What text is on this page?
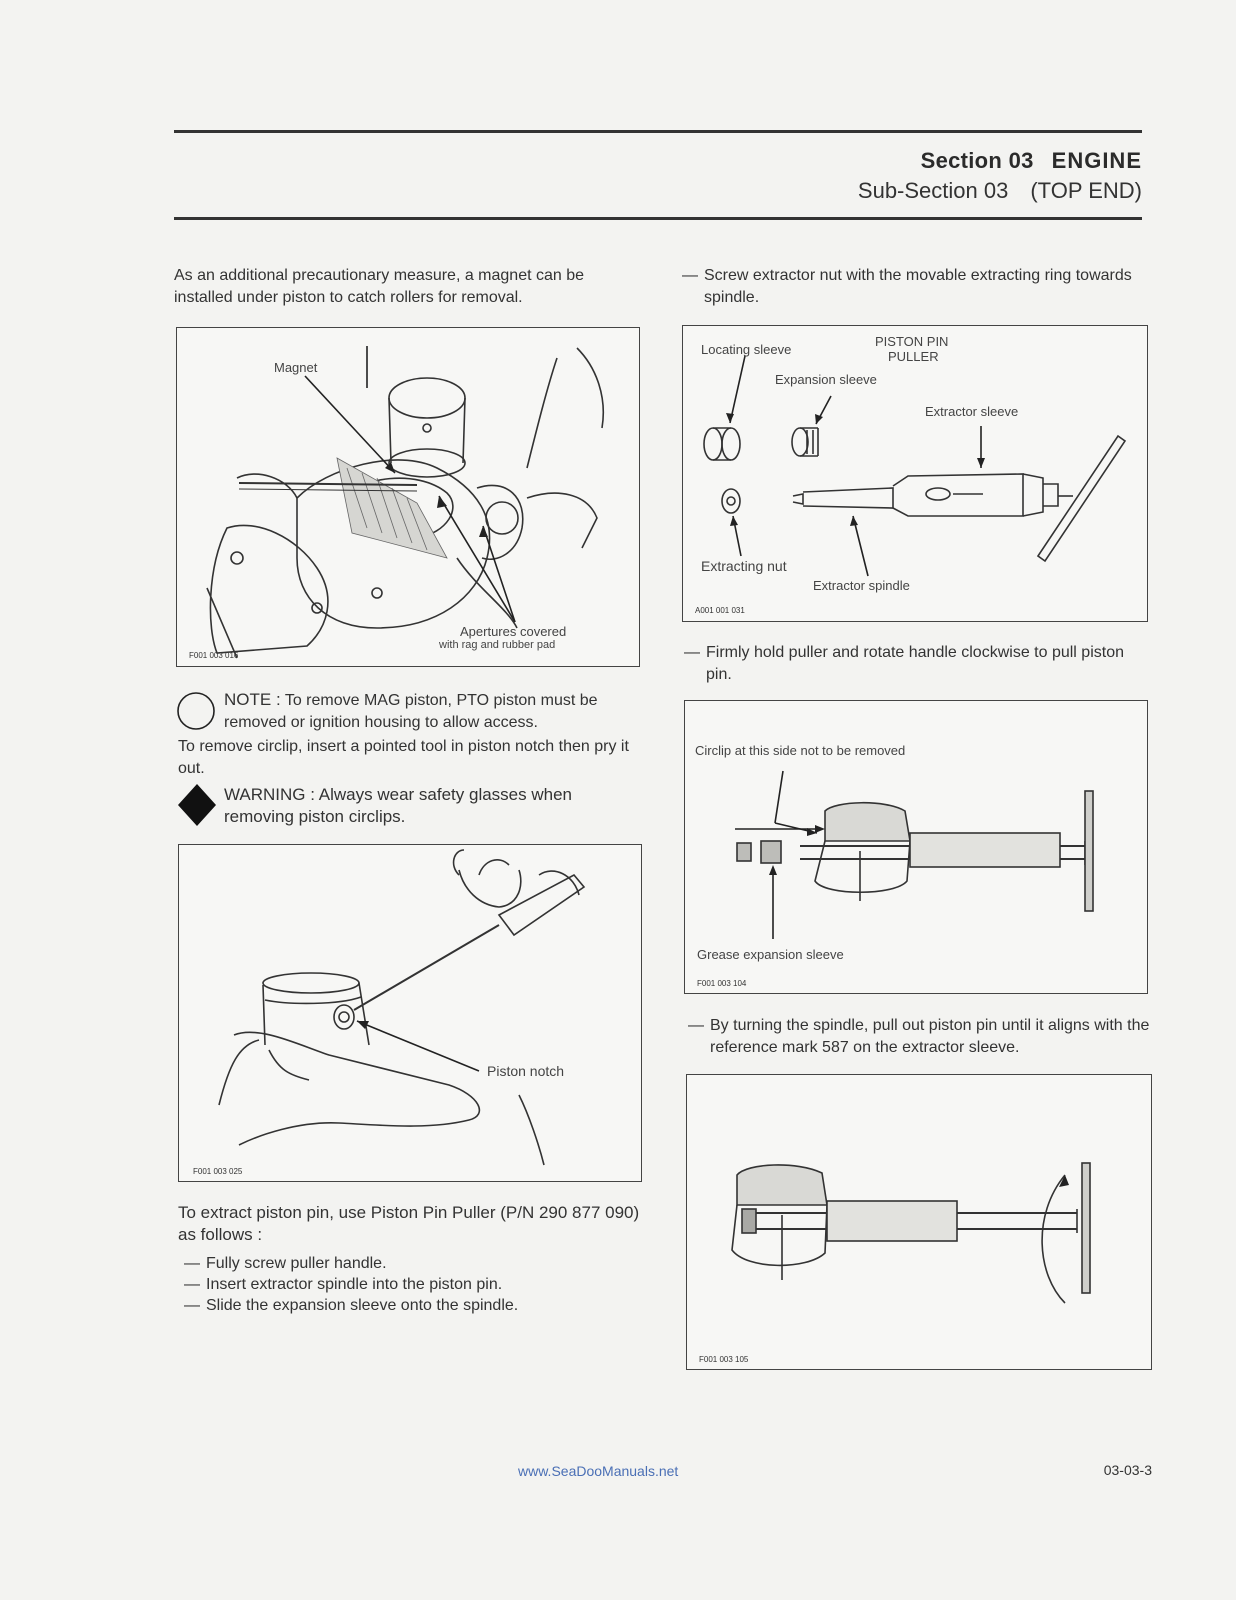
Section 03 ENGINE
Sub-Section 03 (TOP END)
As an additional precautionary measure, a magnet can be installed under piston to catch rollers for removal.
Magnet
Apertures covered
with rag and rubber pad
F001 003 016
NOTE : To remove MAG piston, PTO piston must be removed or ignition housing to allow access.
To remove circlip, insert a pointed tool in piston notch then pry it out.
WARNING : Always wear safety glasses when removing piston circlips.
Piston notch
F001 003 025
To extract piston pin, use Piston Pin Puller (P/N 290 877 090) as follows :
— Fully screw puller handle.
— Insert extractor spindle into the piston pin.
— Slide the expansion sleeve onto the spindle.
— Screw extractor nut with the movable extracting ring towards spindle.
Locating sleeve
PISTON PIN
PULLER
Expansion sleeve
Extractor sleeve
Extracting nut
Extractor spindle
A001 001 031
— Firmly hold puller and rotate handle clockwise to pull piston pin.
Circlip at this side not to be removed
Grease expansion sleeve
F001 003 104
— By turning the spindle, pull out piston pin until it aligns with the reference mark 587 on the extractor sleeve.
F001 003 105
www.SeaDooManuals.net	03-03-3
